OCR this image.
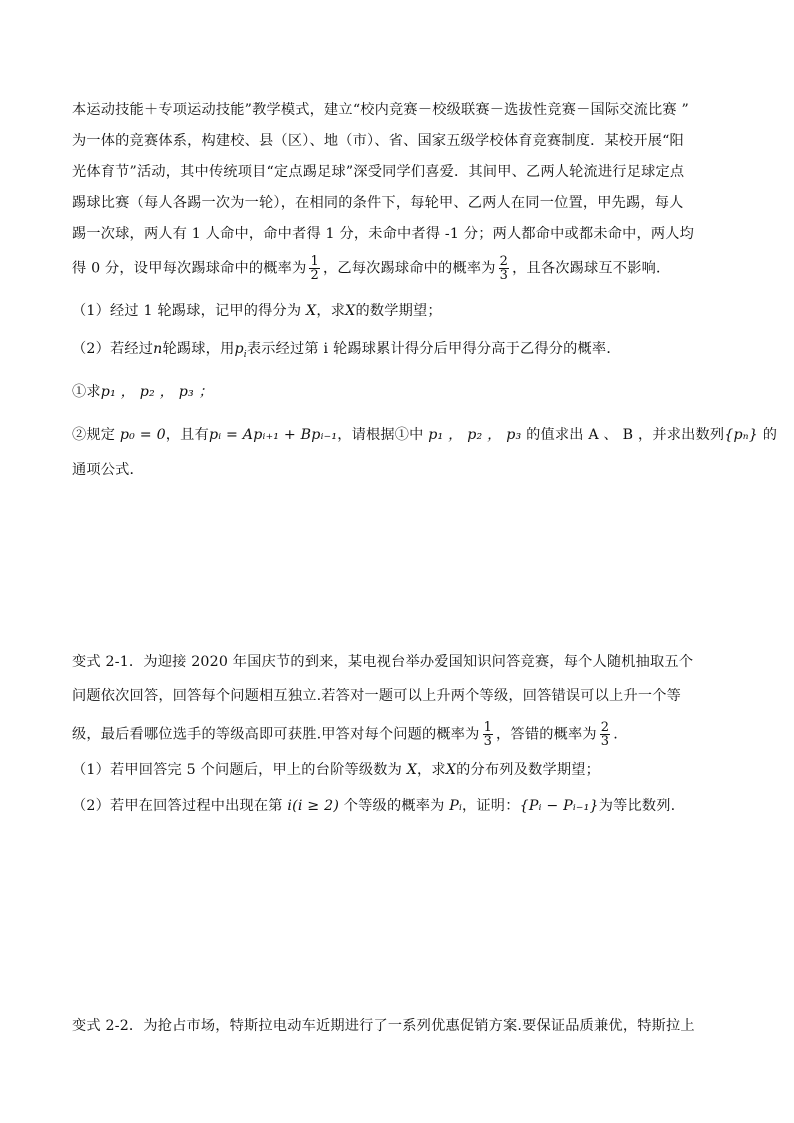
本运动技能＋专项运动技能”教学模式，建立“校内竞赛－校级联赛－选拔性竞赛－国际交流比赛 ”
为一体的竞赛体系，构建校、县（区）、地（市）、省、国家五级学校体育竞赛制度．某校开展“阳
光体育节”活动，其中传统项目“定点踢足球”深受同学们喜爱．其间甲、乙两人轮流进行足球定点
踢球比赛（每人各踢一次为一轮），在相同的条件下，每轮甲、乙两人在同一位置，甲先踢，每人
踢一次球，两人有 1 人命中，命中者得 1 分，未命中者得 -1 分；两人都命中或都未命中，两人均
得 0 分，设甲每次踢球命中的概率为 $\frac{1}{2}$ ，乙每次踢球命中的概率为 $\frac{2}{3}$ ，且各次踢球互不影响．
（1）经过 1 轮踢球，记甲的得分为 X，求X的数学期望；
（2）若经过n轮踢球，用$p_i$表示经过第 i 轮踢球累计得分后甲得分高于乙得分的概率．
①求p₁ ， p₂ ， p₃ ；
②规定 p₀ = 0，且有pᵢ = Apᵢ₊₁ + Bpᵢ₋₁，请根据①中 p₁ ， p₂ ， p₃ 的值求出 A 、 B ，并求出数列{pₙ} 的
通项公式．
变式 2-1．为迎接 2020 年国庆节的到来，某电视台举办爱国知识问答竞赛，每个人随机抽取五个
问题依次回答，回答每个问题相互独立.若答对一题可以上升两个等级，回答错误可以上升一个等
级，最后看哪位选手的等级高即可获胜.甲答对每个问题的概率为 $\frac{1}{3}$ ，答错的概率为 $\frac{2}{3}$ .
（1）若甲回答完 5 个问题后，甲上的台阶等级数为 X，求X的分布列及数学期望；
（2）若甲在回答过程中出现在第 i(i ≥ 2) 个等级的概率为 Pᵢ，证明：{Pᵢ − Pᵢ₋₁}为等比数列.
变式 2-2．为抢占市场，特斯拉电动车近期进行了一系列优惠促销方案.要保证品质兼优，特斯拉上
